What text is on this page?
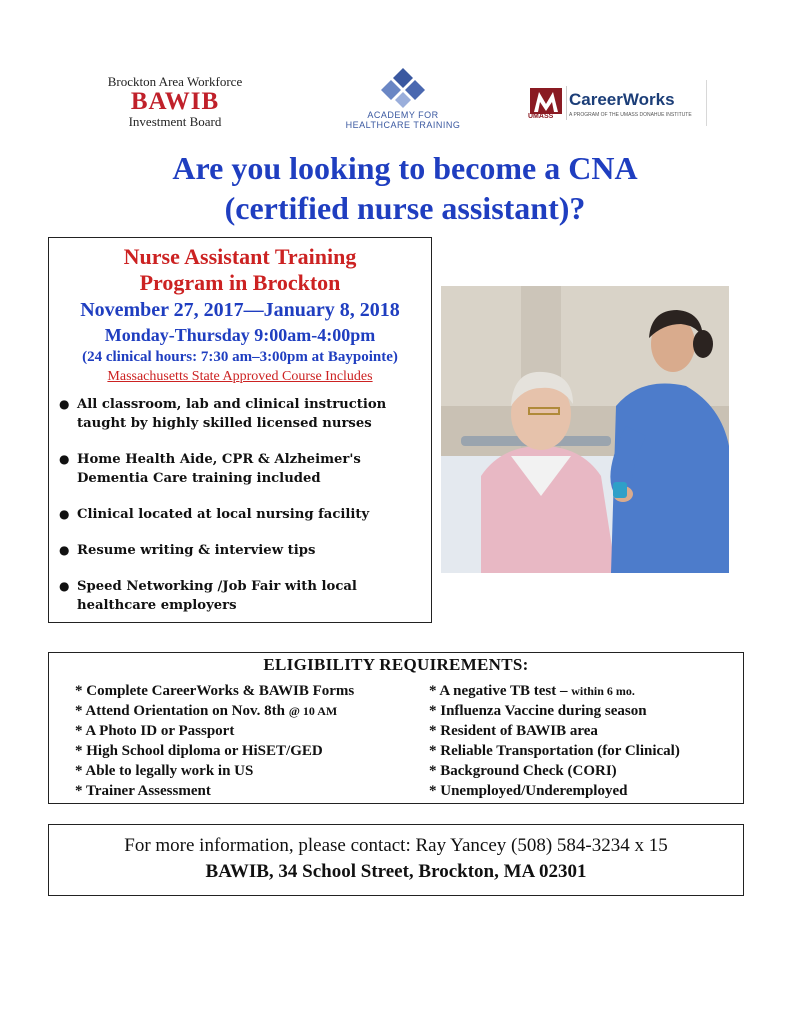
Brockton Area Workforce
BAWIB
Investment Board	ACADEMY FOR
HEALTHCARE TRAINING
UMASS
CareerWorks
A PROGRAM OF THE UMASS DONAHUE INSTITUTE
Are you looking to become a CNA
(certified nurse assistant)?
Nurse Assistant Training
Program in Brockton
November 27, 2017—January 8, 2018
Monday-Thursday 9:00am-4:00pm
(24 clinical hours: 7:30 am–3:00pm at Baypointe)
Massachusetts State Approved Course Includes
● All classroom, lab and clinical instruction taught by highly skilled licensed nurses
● Home Health Aide, CPR & Alzheimer's Dementia Care training included
● Clinical located at local nursing facility
● Resume writing & interview tips
● Speed Networking /Job Fair with local healthcare employers
ELIGIBILITY REQUIREMENTS:
* Complete CareerWorks & BAWIB Forms
* Attend Orientation on Nov. 8th @ 10 AM
* A Photo ID or Passport
* High School diploma or HiSET/GED
* Able to legally work in US
* Trainer Assessment
* A negative TB test – within 6 mo.
* Influenza Vaccine during season
* Resident of BAWIB area
* Reliable Transportation (for Clinical)
* Background Check (CORI)
* Unemployed/Underemployed
For more information, please contact: Ray Yancey (508) 584-3234 x 15
BAWIB, 34 School Street, Brockton, MA 02301
